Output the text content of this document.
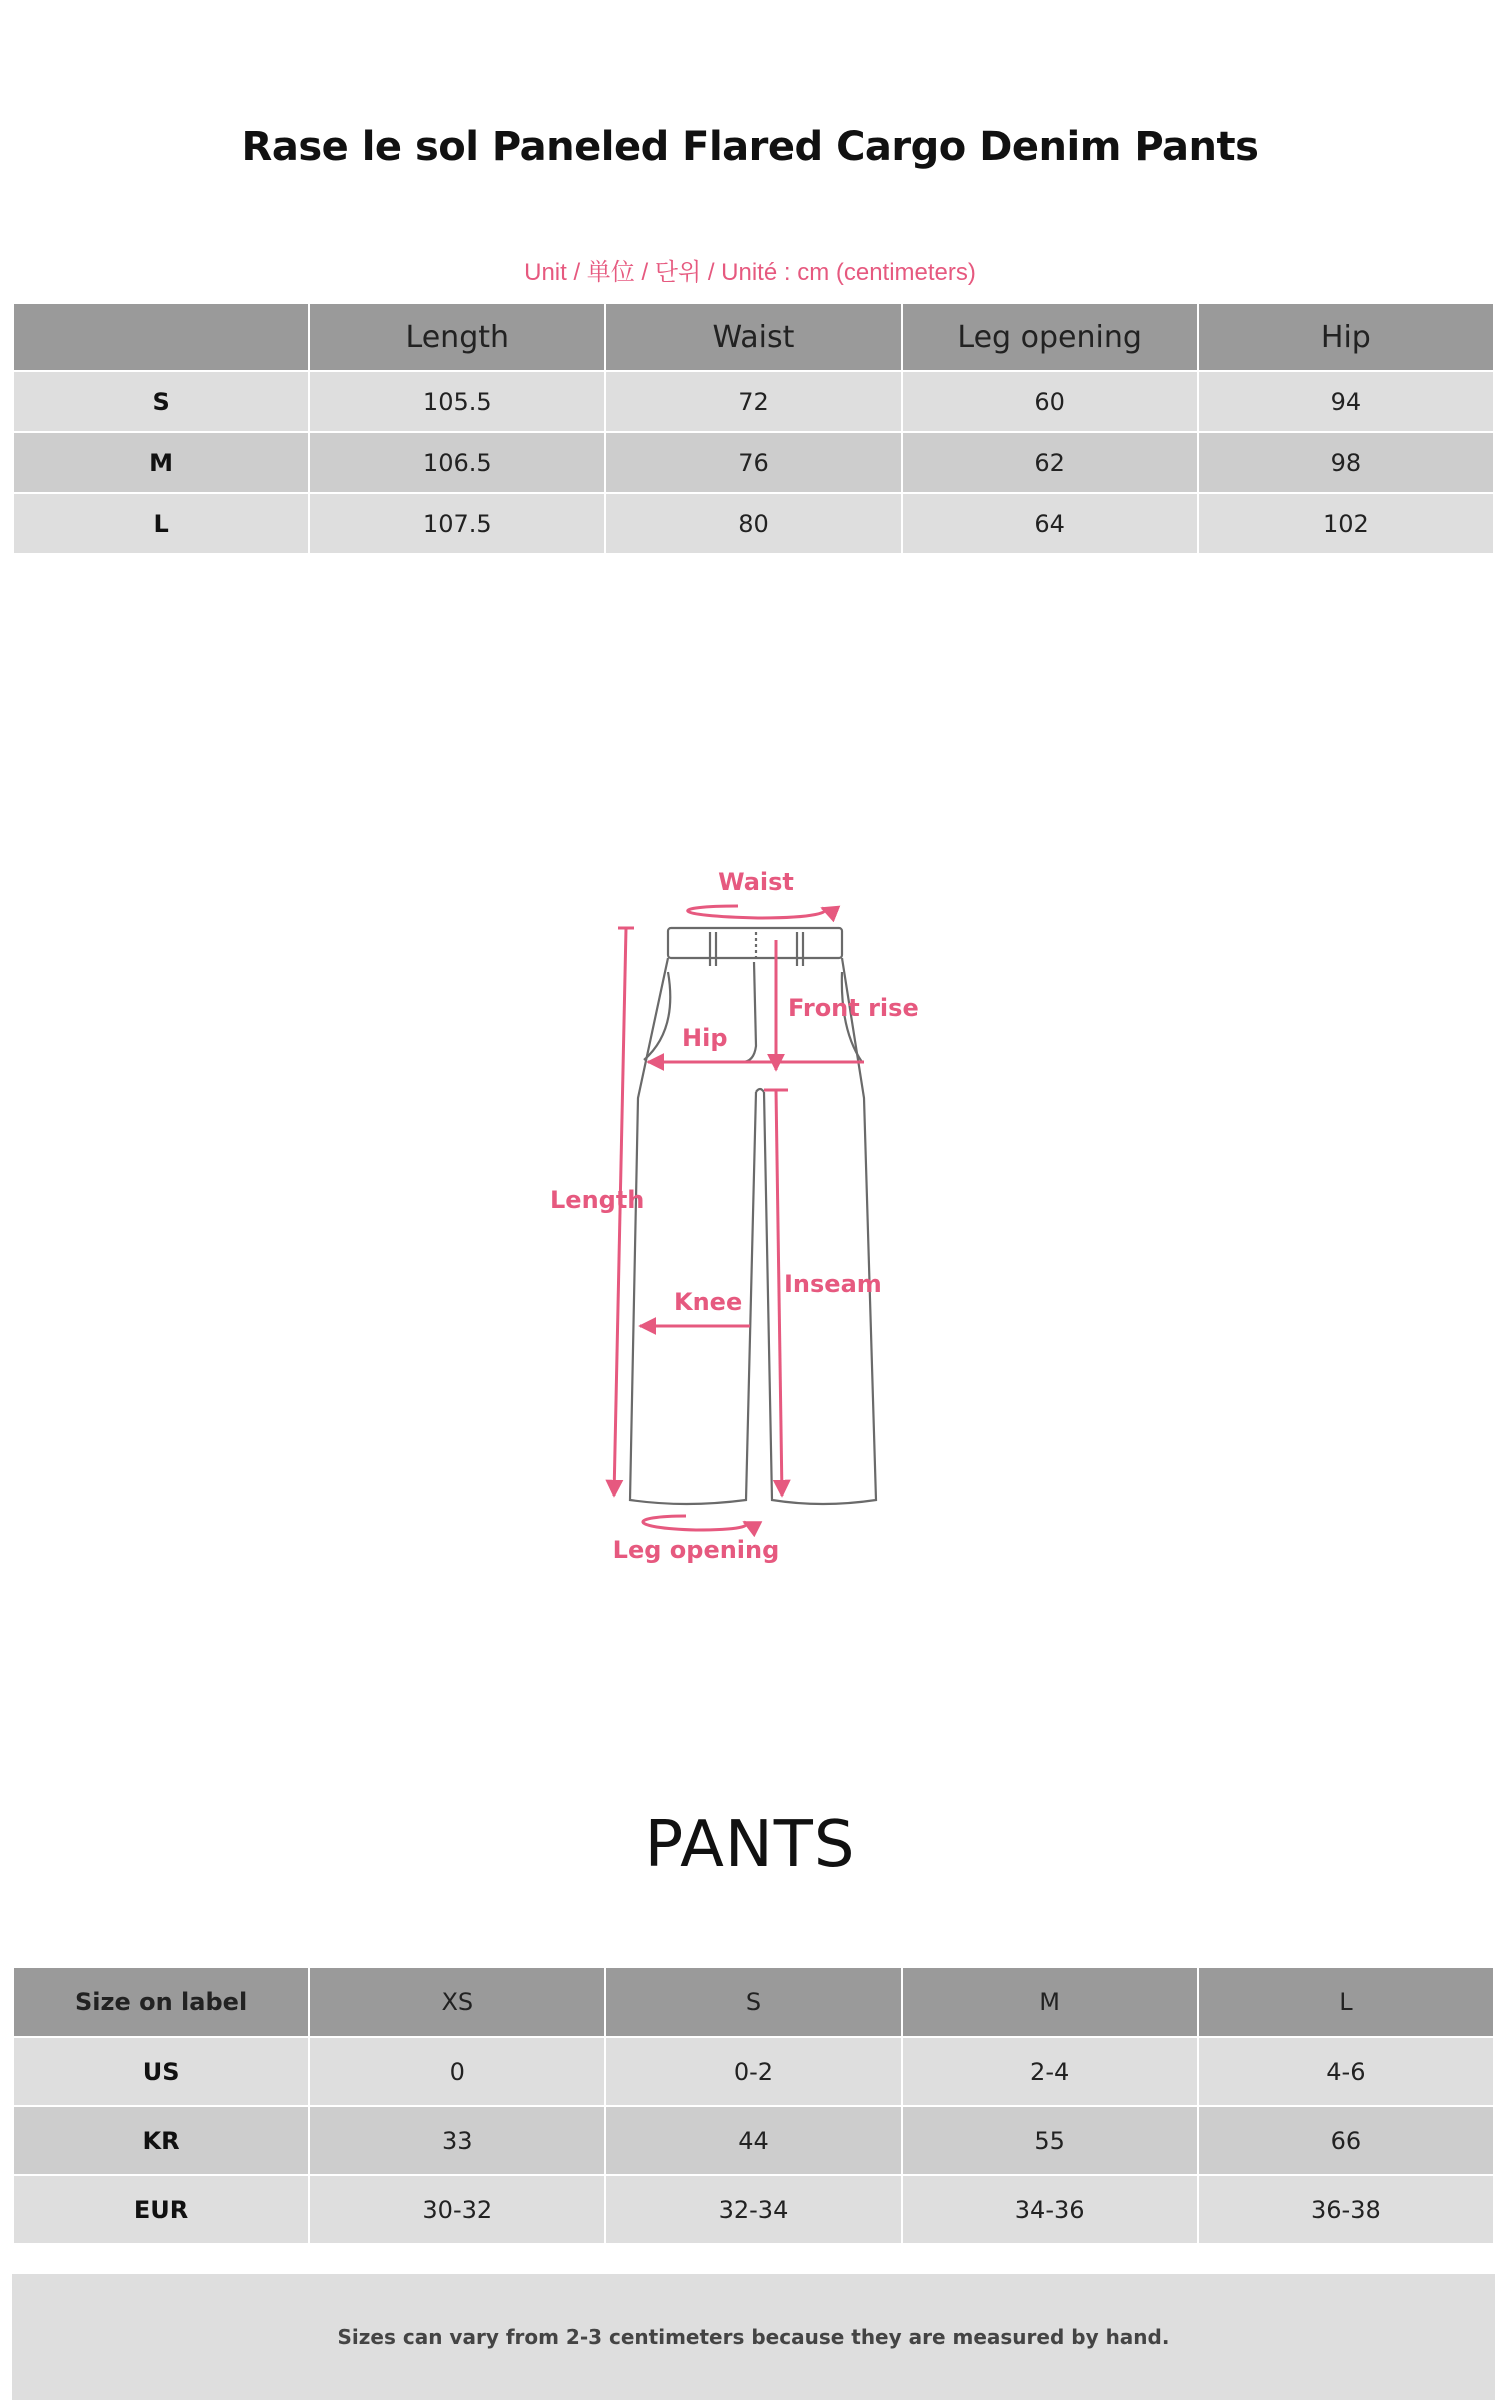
Rase le sol Paneled Flared Cargo Denim Pants
Unit / 単位 / 단위 / Unité : cm (centimeters)
	Length	Waist	Leg opening	Hip
S	105.5	72	60	94
M	106.5	76	62	98
L	107.5	80	64	102
Waist
Length
Hip
Front rise
Inseam
Knee
Leg opening
PANTS
Size on label	XS	S	M	L
US	0	0-2	2-4	4-6
KR	33	44	55	66
EUR	30-32	32-34	34-36	36-38
Sizes can vary from 2-3 centimeters because they are measured by hand.
